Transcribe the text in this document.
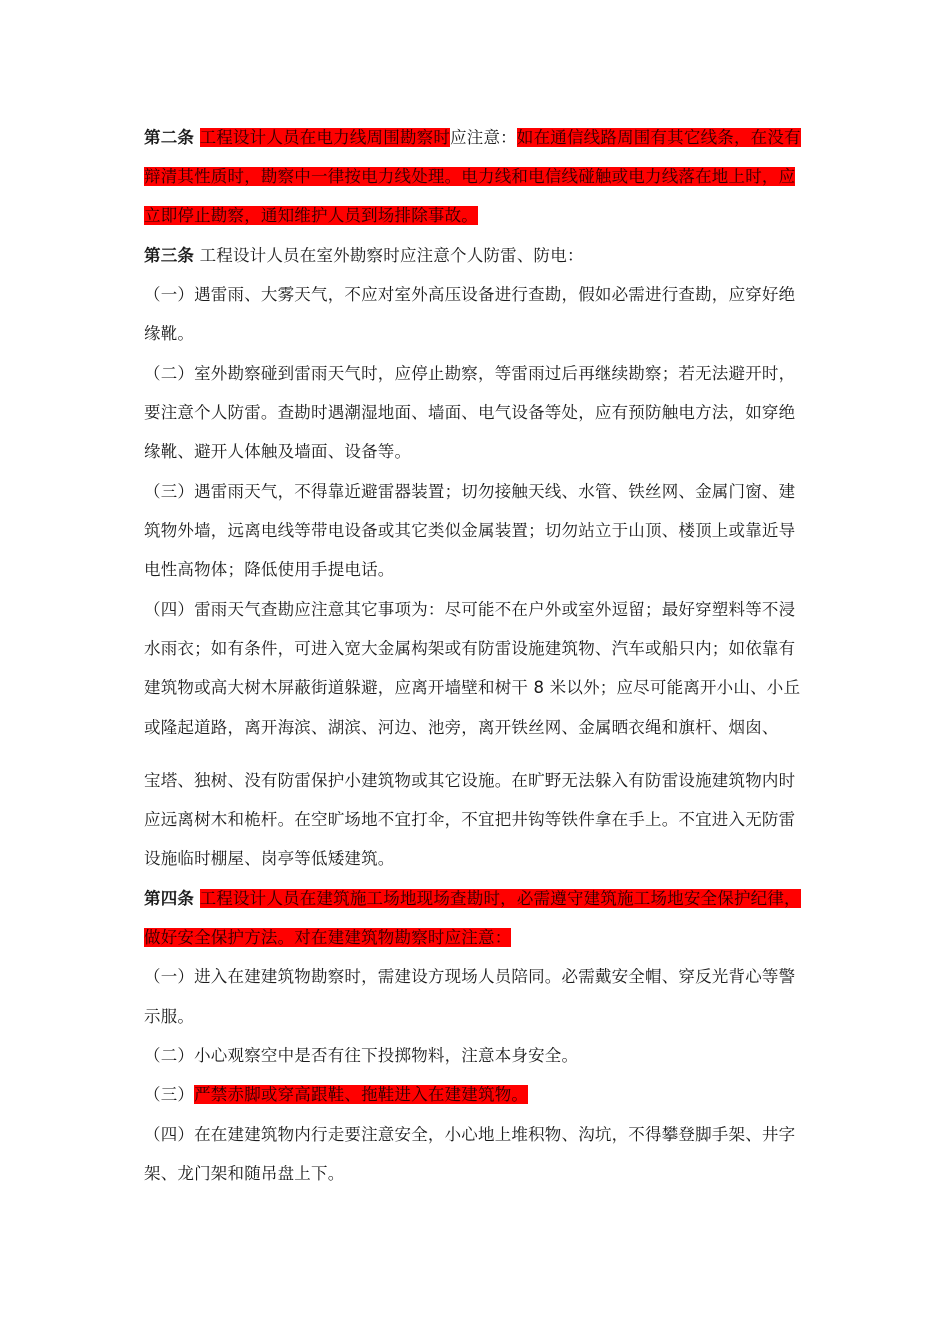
第二条 工程设计人员在电力线周围勘察时应注意：如在通信线路周围有其它线条，在没有
辩清其性质时，勘察中一律按电力线处理。电力线和电信线碰触或电力线落在地上时，应
立即停止勘察，通知维护人员到场排除事故。
第三条 工程设计人员在室外勘察时应注意个人防雷、防电：
（一）遇雷雨、大雾天气，不应对室外高压设备进行查勘，假如必需进行查勘，应穿好绝
缘靴。
（二）室外勘察碰到雷雨天气时，应停止勘察，等雷雨过后再继续勘察；若无法避开时，
要注意个人防雷。查勘时遇潮湿地面、墙面、电气设备等处，应有预防触电方法，如穿绝
缘靴、避开人体触及墙面、设备等。
（三）遇雷雨天气，不得靠近避雷器装置；切勿接触天线、水管、铁丝网、金属门窗、建
筑物外墙，远离电线等带电设备或其它类似金属装置；切勿站立于山顶、楼顶上或靠近导
电性高物体；降低使用手提电话。
（四）雷雨天气查勘应注意其它事项为：尽可能不在户外或室外逗留；最好穿塑料等不浸
水雨衣；如有条件，可进入宽大金属构架或有防雷设施建筑物、汽车或船只内；如依靠有
建筑物或高大树木屏蔽街道躲避，应离开墙壁和树干 8 米以外；应尽可能离开小山、小丘
或隆起道路，离开海滨、湖滨、河边、池旁，离开铁丝网、金属晒衣绳和旗杆、烟囱、
宝塔、独树、没有防雷保护小建筑物或其它设施。在旷野无法躲入有防雷设施建筑物内时
应远离树木和桅杆。在空旷场地不宜打伞，不宜把井钩等铁件拿在手上。不宜进入无防雷
设施临时棚屋、岗亭等低矮建筑。
第四条 工程设计人员在建筑施工场地现场查勘时，必需遵守建筑施工场地安全保护纪律，
做好安全保护方法。对在建建筑物勘察时应注意：
（一）进入在建建筑物勘察时，需建设方现场人员陪同。必需戴安全帽、穿反光背心等警
示服。
（二）小心观察空中是否有往下投掷物料，注意本身安全。
（三）严禁赤脚或穿高跟鞋、拖鞋进入在建建筑物。
（四）在在建建筑物内行走要注意安全，小心地上堆积物、沟坑，不得攀登脚手架、井字
架、龙门架和随吊盘上下。
